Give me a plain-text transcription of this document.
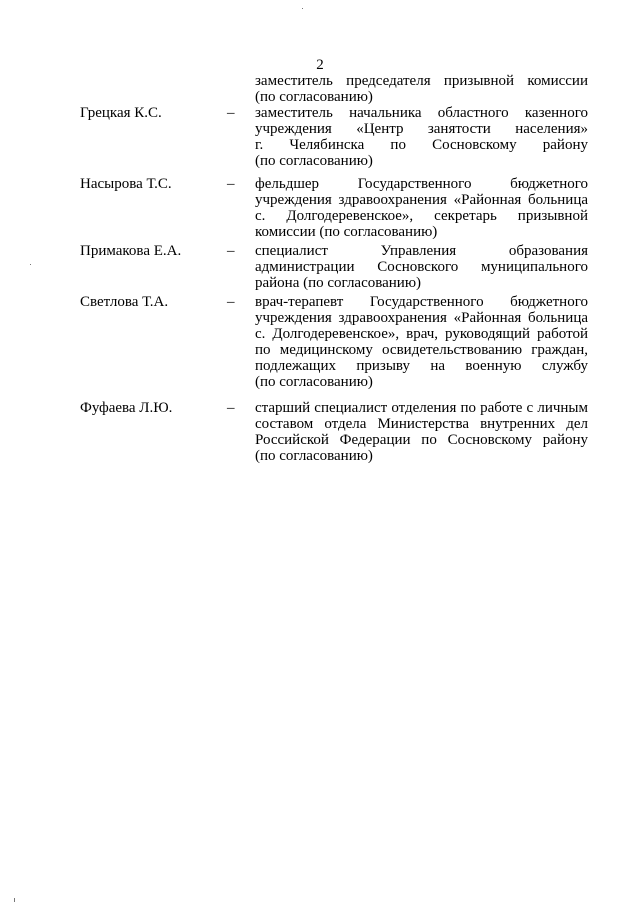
2
заместитель председателя призывной комиссии
(по согласованию)
Грецкая К.С.	– заместитель начальника областного казенного
учреждения «Центр занятости населения»
г. Челябинска по Сосновскому району
(по согласованию)
Насырова Т.С.	– фельдшер Государственного бюджетного
учреждения здравоохранения «Районная больница
с. Долгодеревенское», секретарь призывной
комиссии (по согласованию)
Примакова Е.А.	– специалист Управления образования
администрации Сосновского муниципального
района (по согласованию)
Светлова Т.А.	– врач-терапевт Государственного бюджетного
учреждения здравоохранения «Районная больница
с. Долгодеревенское», врач, руководящий работой
по медицинскому освидетельствованию граждан,
подлежащих призыву на военную службу
(по согласованию)
Фуфаева Л.Ю.	– старший специалист отделения по работе с личным
составом отдела Министерства внутренних дел
Российской Федерации по Сосновскому району
(по согласованию)
